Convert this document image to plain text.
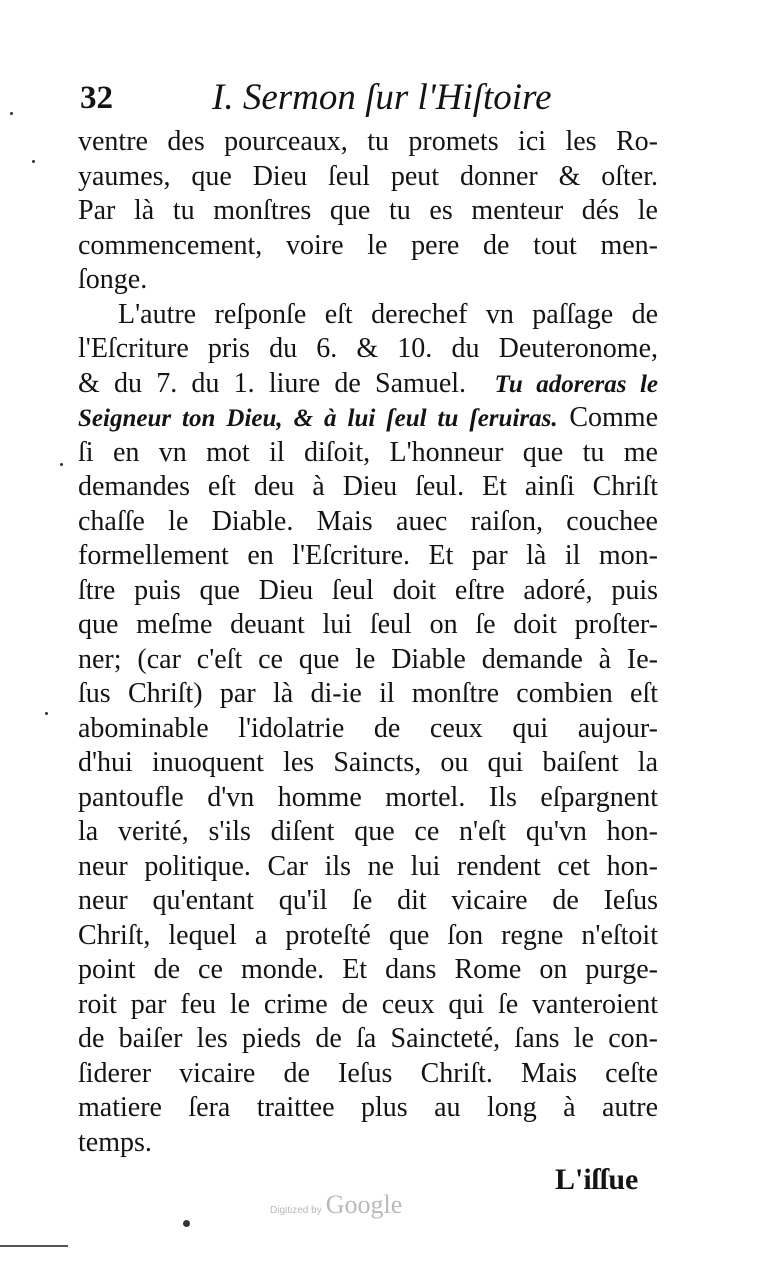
32	I. Sermon ſur l'Hiſtoire
ventre des pourceaux, tu promets ici les Ro-
yaumes, que Dieu ſeul peut donner & oſter.
Par là tu monſtres que tu es menteur dés le
commencement, voire le pere de tout men-
ſonge.
L'autre reſponſe eſt derechef vn paſſage de
l'Eſcriture pris du 6. & 10. du Deuteronome,
& du 7. du 1. liure de Samuel. Tu adoreras le
Seigneur ton Dieu, & à lui ſeul tu ſeruiras. Comme
ſi en vn mot il diſoit, L'honneur que tu me
demandes eſt deu à Dieu ſeul. Et ainſi Chriſt
chaſſe le Diable. Mais auec raiſon, couchee
formellement en l'Eſcriture. Et par là il mon-
ſtre puis que Dieu ſeul doit eſtre adoré, puis
que meſme deuant lui ſeul on ſe doit proſter-
ner; (car c'eſt ce que le Diable demande à Ie-
ſus Chriſt) par là di-ie il monſtre combien eſt
abominable l'idolatrie de ceux qui aujour-
d'hui inuoquent les Saincts, ou qui baiſent la
pantoufle d'vn homme mortel. Ils eſpargnent
la verité, s'ils diſent que ce n'eſt qu'vn hon-
neur politique. Car ils ne lui rendent cet hon-
neur qu'entant qu'il ſe dit vicaire de Ieſus
Chriſt, lequel a proteſté que ſon regne n'eſtoit
point de ce monde. Et dans Rome on purge-
roit par feu le crime de ceux qui ſe vanteroient
de baiſer les pieds de ſa Saincteté, ſans le con-
ſiderer vicaire de Ieſus Chriſt. Mais ceſte
matiere ſera traittee plus au long à autre
temps.
L'iſſue
Digitized by Google
